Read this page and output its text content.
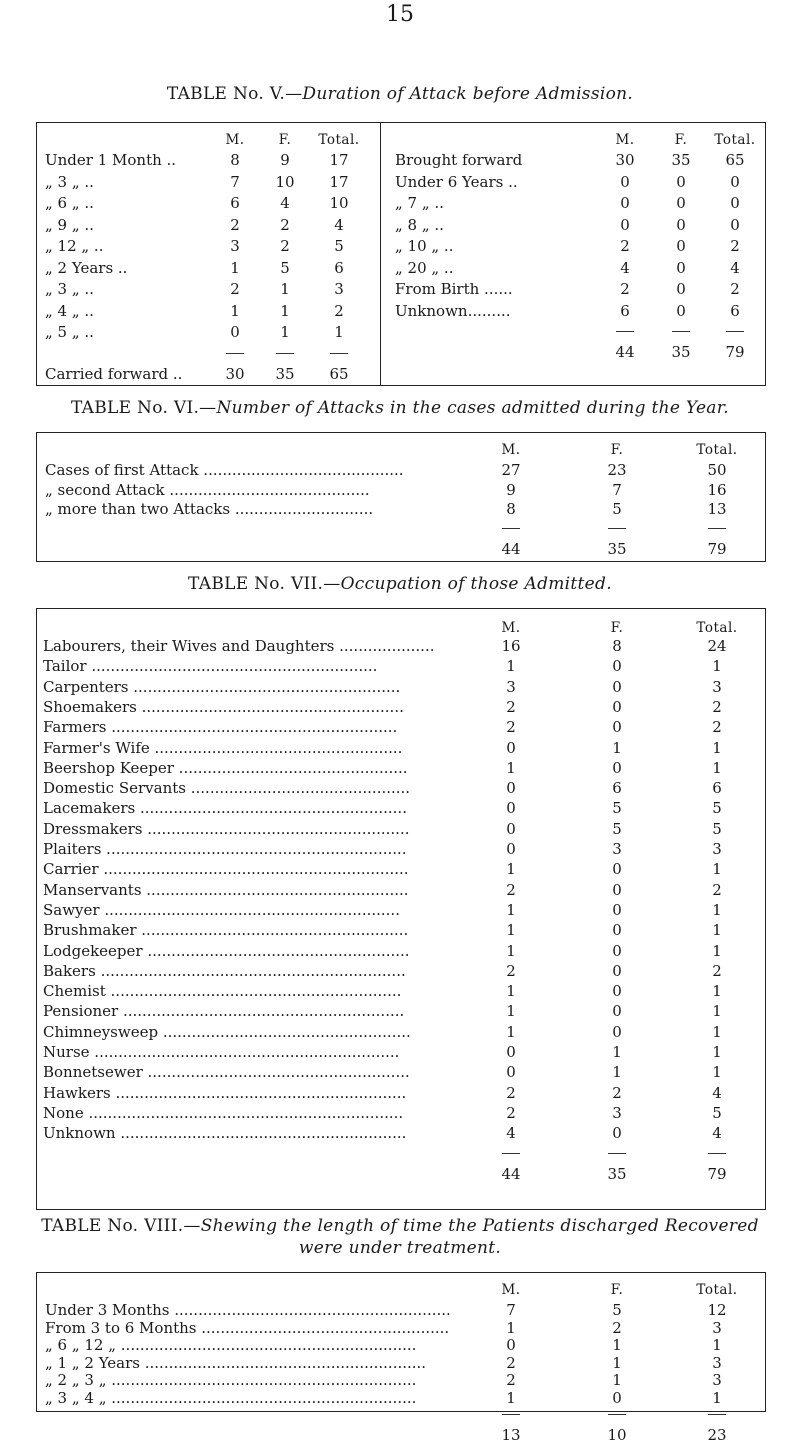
15
TABLE No. V.—Duration of Attack before Admission.
M.	F.	Total.
Under 1 Month ..	8	9	17
„ 3 „ ..	7	10	17
„ 6 „ ..	6	4	10
„ 9 „ ..	2	2	4
„ 12 „ ..	3	2	5
„ 2 Years ..	1	5	6
„ 3 „ ..	2	1	3
„ 4 „ ..	1	1	2
„ 5 „ ..	0	1	1
Carried forward ..	30	35	65
M.	F.	Total.
Brought forward	30	35	65
Under 6 Years ..	0	0	0
„ 7 „ ..	0	0	0
„ 8 „ ..	0	0	0
„ 10 „ ..	2	0	2
„ 20 „ ..	4	0	4
From Birth ......	2	0	2
Unknown.........	6	0	6
44	35	79
TABLE No. VI.—Number of Attacks in the cases admitted during the Year.
M.	F.	Total.
Cases of first Attack ..........................................	27	23	50
„ second Attack ..........................................	9	7	16
„ more than two Attacks .............................	8	5	13
44	35	79
TABLE No. VII.—Occupation of those Admitted.
M.	F.	Total.
Labourers, their Wives and Daughters ....................	16	8	24
Tailor ............................................................	1	0	1
Carpenters ........................................................	3	0	3
Shoemakers .......................................................	2	0	2
Farmers ............................................................	2	0	2
Farmer's Wife ....................................................	0	1	1
Beershop Keeper ................................................	1	0	1
Domestic Servants ..............................................	0	6	6
Lacemakers ........................................................	0	5	5
Dressmakers .......................................................	0	5	5
Plaiters ...............................................................	0	3	3
Carrier ................................................................	1	0	1
Manservants .......................................................	2	0	2
Sawyer ..............................................................	1	0	1
Brushmaker ........................................................	1	0	1
Lodgekeeper .......................................................	1	0	1
Bakers ................................................................	2	0	2
Chemist .............................................................	1	0	1
Pensioner ...........................................................	1	0	1
Chimneysweep ....................................................	1	0	1
Nurse ................................................................	0	1	1
Bonnetsewer .......................................................	0	1	1
Hawkers .............................................................	2	2	4
None ..................................................................	2	3	5
Unknown ............................................................	4	0	4
44	35	79
TABLE No. VIII.—Shewing the length of time the Patients discharged Recovered
were under treatment.
M.	F.	Total.
Under 3 Months ..........................................................	7	5	12
From 3 to 6 Months ....................................................	1	2	3
„ 6 „ 12 „ ..............................................................	0	1	1
„ 1 „ 2 Years ...........................................................	2	1	3
„ 2 „ 3 „ ................................................................	2	1	3
„ 3 „ 4 „ ................................................................	1	0	1
13	10	23
